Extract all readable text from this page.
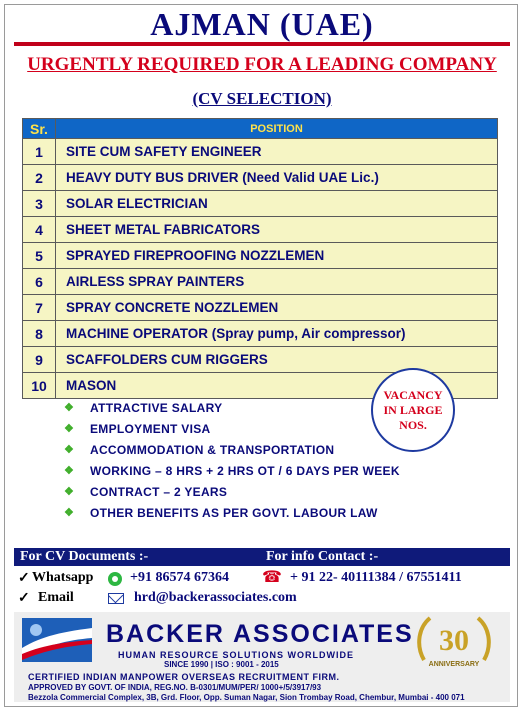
AJMAN (UAE)
URGENTLY REQUIRED FOR A LEADING COMPANY
(CV SELECTION)
Sr.	POSITION
1	SITE CUM SAFETY ENGINEER
2	HEAVY DUTY BUS DRIVER (Need Valid UAE Lic.)
3	SOLAR ELECTRICIAN
4	SHEET METAL FABRICATORS
5	SPRAYED FIREPROOFING NOZZLEMEN
6	AIRLESS SPRAY PAINTERS
7	SPRAY CONCRETE NOZZLEMEN
8	MACHINE OPERATOR (Spray pump, Air compressor)
9	SCAFFOLDERS CUM RIGGERS
10	MASON
VACANCY IN LARGE NOS.
❖	ATTRACTIVE SALARY
❖	EMPLOYMENT VISA
❖	ACCOMMODATION & TRANSPORTATION
❖	WORKING – 8 HRS + 2 HRS OT / 6 DAYS PER WEEK
❖	CONTRACT – 2 YEARS
❖	OTHER BENEFITS AS PER GOVT. LABOUR LAW
For CV Documents :-	For info Contact :-
✓ Whatsapp	+91 86574 67364 ☎ + 91 22- 40111384 / 67551411
✓ Email	hrd@backerassociates.com
BACKER ASSOCIATES
HUMAN RESOURCE SOLUTIONS WORLDWIDE
SINCE 1990 | ISO : 9001 - 2015
30
ANNIVERSARY
CERTIFIED INDIAN MANPOWER OVERSEAS RECRUITMENT FIRM.
APPROVED BY GOVT. OF INDIA, REG.NO. B-0301/MUM/PER/ 1000+/5/3917/93
Bezzola Commercial Complex, 3B, Grd. Floor, Opp. Suman Nagar, Sion Trombay Road, Chembur, Mumbai - 400 071
